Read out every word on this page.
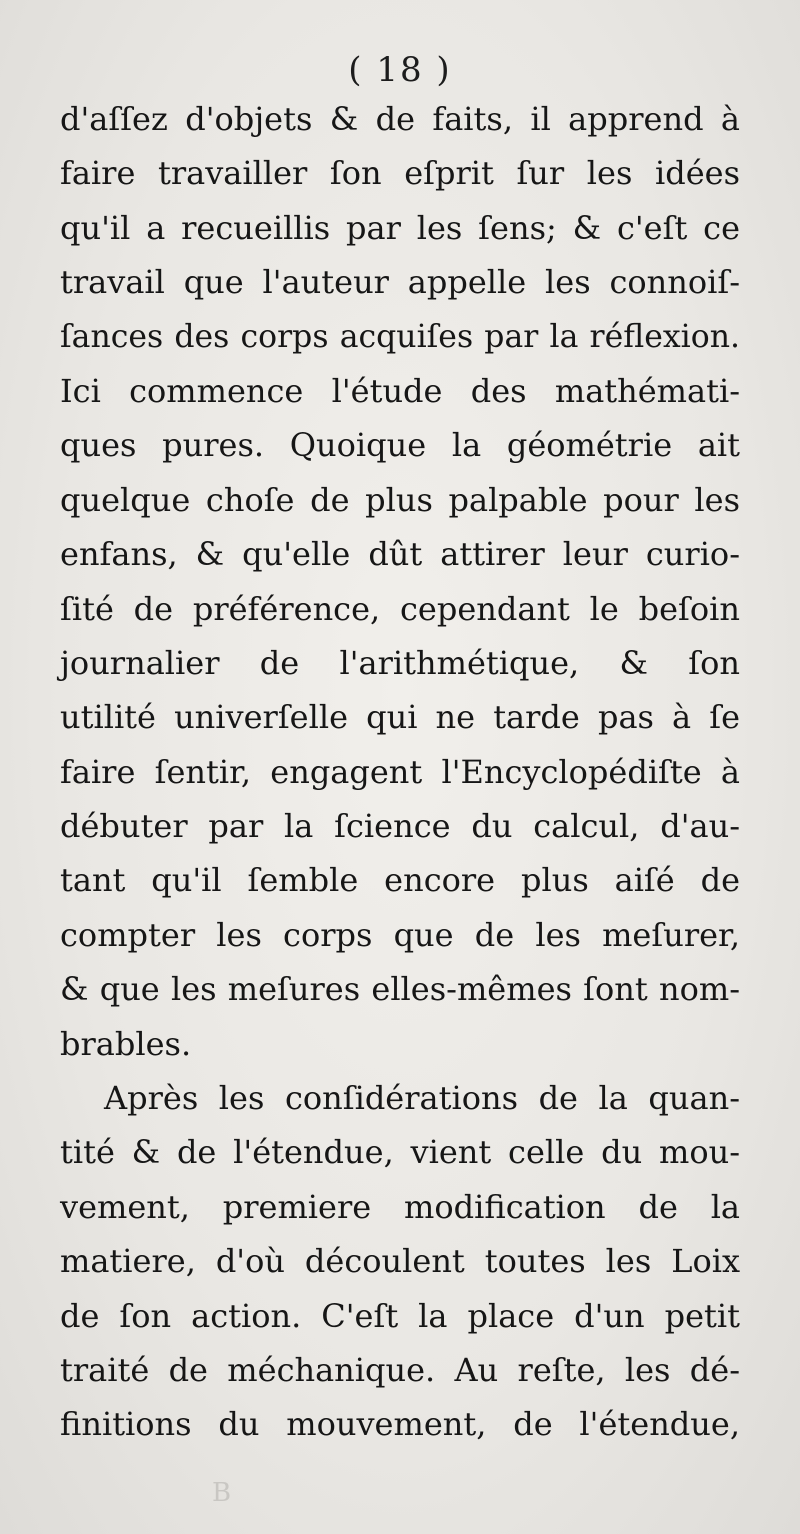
( 18 )
d'aſſez d'objets & de faits, il apprend à
faire travailler ſon eſprit ſur les idées
qu'il a recueillis par les ſens; & c'eſt ce
travail que l'auteur appelle les connoiſ-
ſances des corps acquiſes par la réflexion.
Ici commence l'étude des mathémati-
ques pures. Quoique la géométrie ait
quelque choſe de plus palpable pour les
enfans, & qu'elle dût attirer leur curio-
ſité de préférence, cependant le beſoin
journalier de l'arithmétique, & ſon
utilité univerſelle qui ne tarde pas à ſe
faire ſentir, engagent l'Encyclopédiſte à
débuter par la ſcience du calcul, d'au-
tant qu'il ſemble encore plus aiſé de
compter les corps que de les meſurer,
& que les meſures elles-mêmes ſont nom-
brables.
Après les conſidérations de la quan-
tité & de l'étendue, vient celle du mou-
vement, premiere modification de la
matiere, d'où découlent toutes les Loix
de ſon action. C'eſt la place d'un petit
traité de méchanique. Au reſte, les dé-
finitions du mouvement, de l'étendue,
B
